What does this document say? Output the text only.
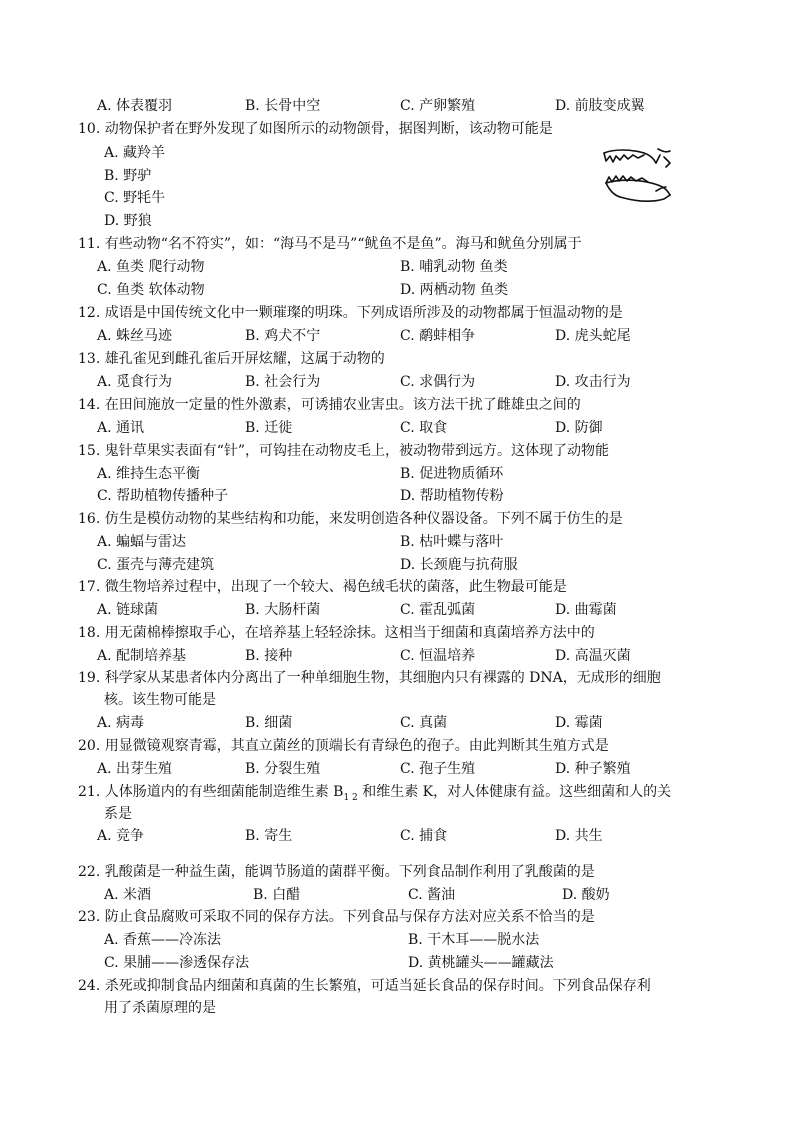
A. 体表覆羽	B. 长骨中空	C. 产卵繁殖	D. 前肢变成翼
10. 动物保护者在野外发现了如图所示的动物颌骨，据图判断，该动物可能是
A. 藏羚羊
B. 野驴
C. 野牦牛
D. 野狼
11. 有些动物“名不符实”，如：“海马不是马”“鱿鱼不是鱼”。海马和鱿鱼分别属于
A. 鱼类 爬行动物	B. 哺乳动物 鱼类
C. 鱼类 软体动物	D. 两栖动物 鱼类
12. 成语是中国传统文化中一颗璀璨的明珠。下列成语所涉及的动物都属于恒温动物的是
A. 蛛丝马迹	B. 鸡犬不宁	C. 鹬蚌相争	D. 虎头蛇尾
13. 雄孔雀见到雌孔雀后开屏炫耀，这属于动物的
A. 觅食行为	B. 社会行为	C. 求偶行为	D. 攻击行为
14. 在田间施放一定量的性外激素，可诱捕农业害虫。该方法干扰了雌雄虫之间的
A. 通讯	B. 迁徙	C. 取食	D. 防御
15. 鬼针草果实表面有“针”，可钩挂在动物皮毛上，被动物带到远方。这体现了动物能
A. 维持生态平衡	B. 促进物质循环
C. 帮助植物传播种子	D. 帮助植物传粉
16. 仿生是模仿动物的某些结构和功能，来发明创造各种仪器设备。下列不属于仿生的是
A. 蝙蝠与雷达	B. 枯叶蝶与落叶
C. 蛋壳与薄壳建筑	D. 长颈鹿与抗荷服
17. 微生物培养过程中，出现了一个较大、褐色绒毛状的菌落，此生物最可能是
A. 链球菌	B. 大肠杆菌	C. 霍乱弧菌	D. 曲霉菌
18. 用无菌棉棒擦取手心，在培养基上轻轻涂抹。这相当于细菌和真菌培养方法中的
A. 配制培养基	B. 接种	C. 恒温培养	D. 高温灭菌
19. 科学家从某患者体内分离出了一种单细胞生物，其细胞内只有裸露的 DNA，无成形的细胞
核。该生物可能是
A. 病毒	B. 细菌	C. 真菌	D. 霉菌
20. 用显微镜观察青霉，其直立菌丝的顶端长有青绿色的孢子。由此判断其生殖方式是
A. 出芽生殖	B. 分裂生殖	C. 孢子生殖	D. 种子繁殖
21. 人体肠道内的有些细菌能制造维生素 $B_{1 2}$ 和维生素 K，对人体健康有益。这些细菌和人的关
系是
A. 竞争	B. 寄生	C. 捕食	D. 共生
22. 乳酸菌是一种益生菌，能调节肠道的菌群平衡。下列食品制作利用了乳酸菌的是
A. 米酒	B. 白醋	C. 酱油	D. 酸奶
23. 防止食品腐败可采取不同的保存方法。下列食品与保存方法对应关系不恰当的是
A. 香蕉——冷冻法	B. 干木耳——脱水法
C. 果脯——渗透保存法	D. 黄桃罐头——罐藏法
24. 杀死或抑制食品内细菌和真菌的生长繁殖，可适当延长食品的保存时间。下列食品保存利
用了杀菌原理的是
